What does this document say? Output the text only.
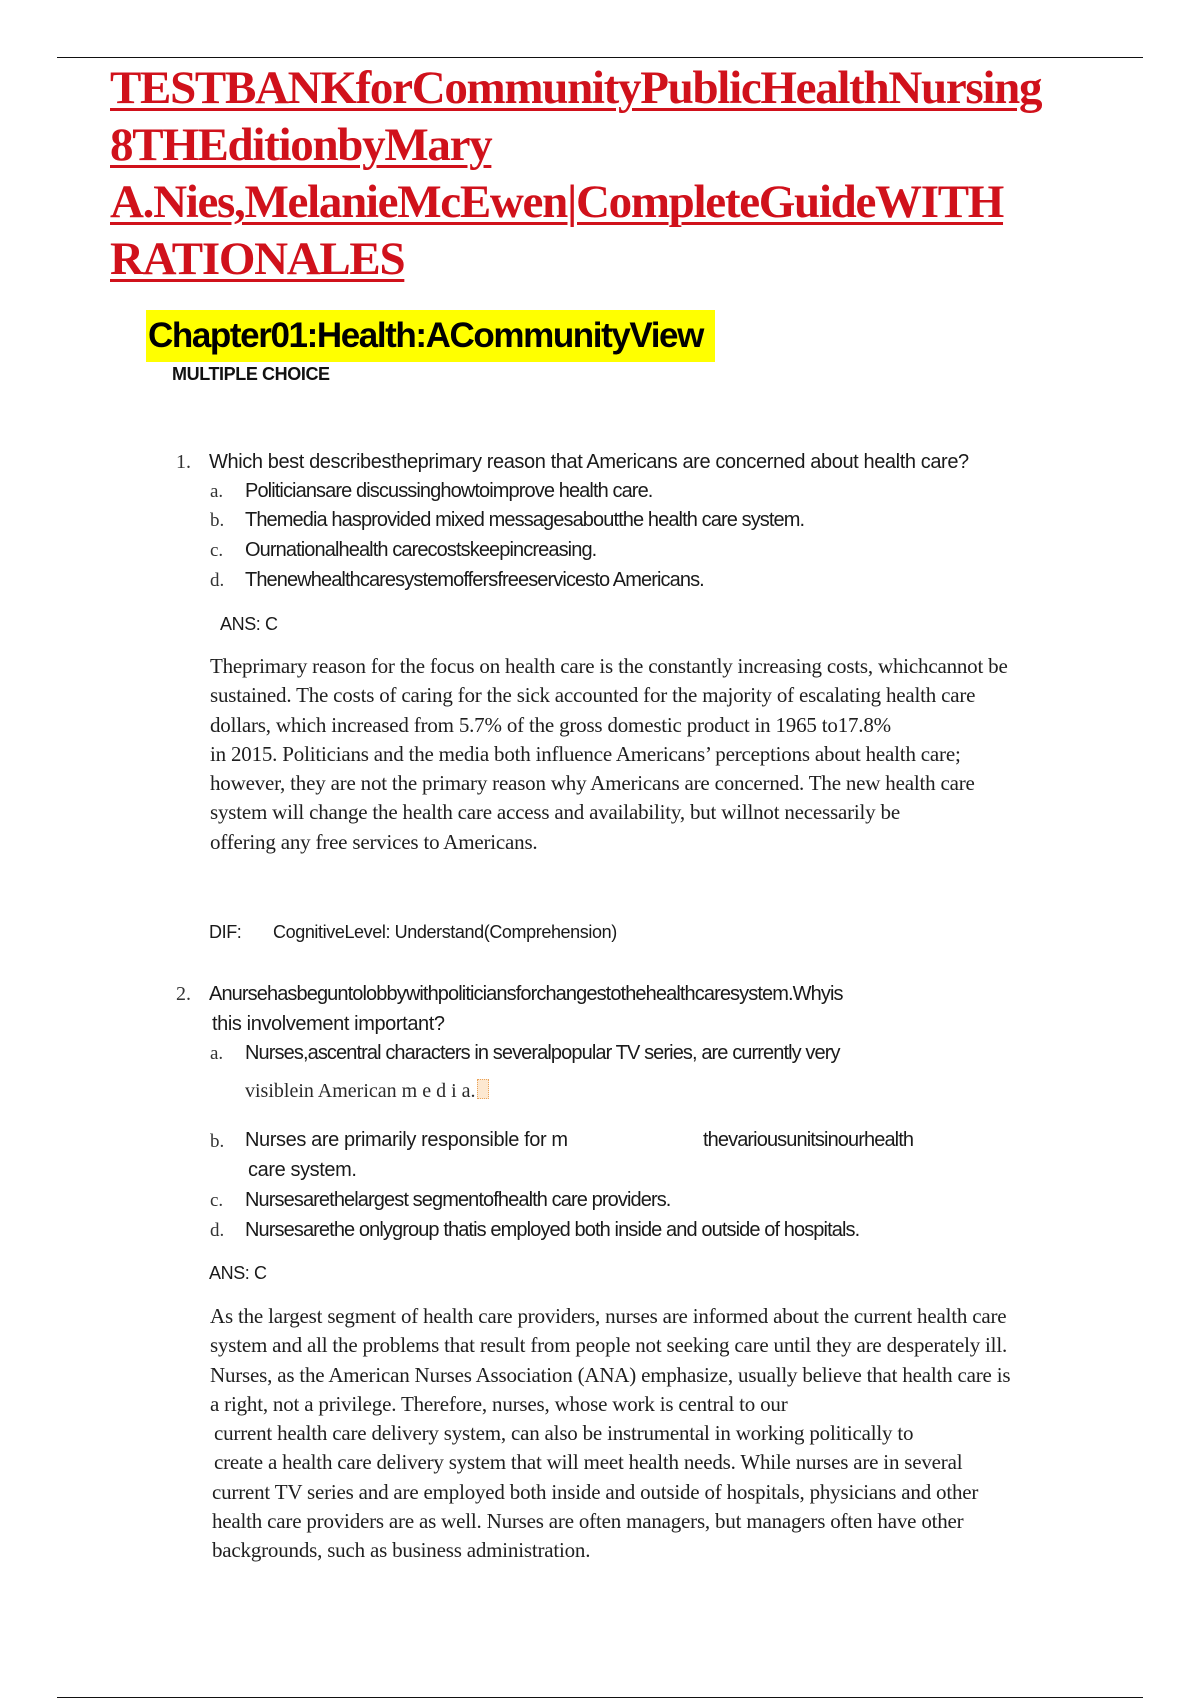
TESTBANKforCommunityPublicHealthNursing
8THEditionbyMary
A.Nies,MelanieMcEwen|CompleteGuideWITH
RATIONALES
Chapter01:Health:ACommunityView
MULTIPLE CHOICE
1. Which best describestheprimary reason that Americans are concerned about health care?
a. Politiciansare discussinghowtoimprove health care.
b. Themedia hasprovided mixed messagesaboutthe health care system.
c. Ournationalhealth carecostskeepincreasing.
d. Thenewhealthcaresystemoffersfreeservicesto Americans.
ANS: C

Theprimary reason for the focus on health care is the constantly increasing costs, whichcannot be
sustained. The costs of caring for the sick accounted for the majority of escalating health care
dollars, which increased from 5.7% of the gross domestic product in 1965 to17.8%
in 2015. Politicians and the media both influence Americans’ perceptions about health care;
however, they are not the primary reason why Americans are concerned. The new health care
system will change the health care access and availability, but willnot necessarily be
offering any free services to Americans.

DIF: CognitiveLevel: Understand(Comprehension)
2. Anursehasbeguntolobbywithpoliticiansforchangestothehealthcaresystem.Whyis
this involvement important?
a. Nurses,ascentral characters in severalpopular TV series, are currently very
visiblein American m e d i a.
b. Nurses are primarily responsible for m	thevariousunitsinourhealth
care system.
c. Nursesarethelargest segmentofhealth care providers.
d. Nursesarethe onlygroup thatis employed both inside and outside of hospitals.
ANS: C

As the largest segment of health care providers, nurses are informed about the current health care
system and all the problems that result from people not seeking care until they are desperately ill.
Nurses, as the American Nurses Association (ANA) emphasize, usually believe that health care is
a right, not a privilege. Therefore, nurses, whose work is central to our
current health care delivery system, can also be instrumental in working politically to
create a health care delivery system that will meet health needs. While nurses are in several
current TV series and are employed both inside and outside of hospitals, physicians and other
health care providers are as well. Nurses are often managers, but managers often have other
backgrounds, such as business administration.
